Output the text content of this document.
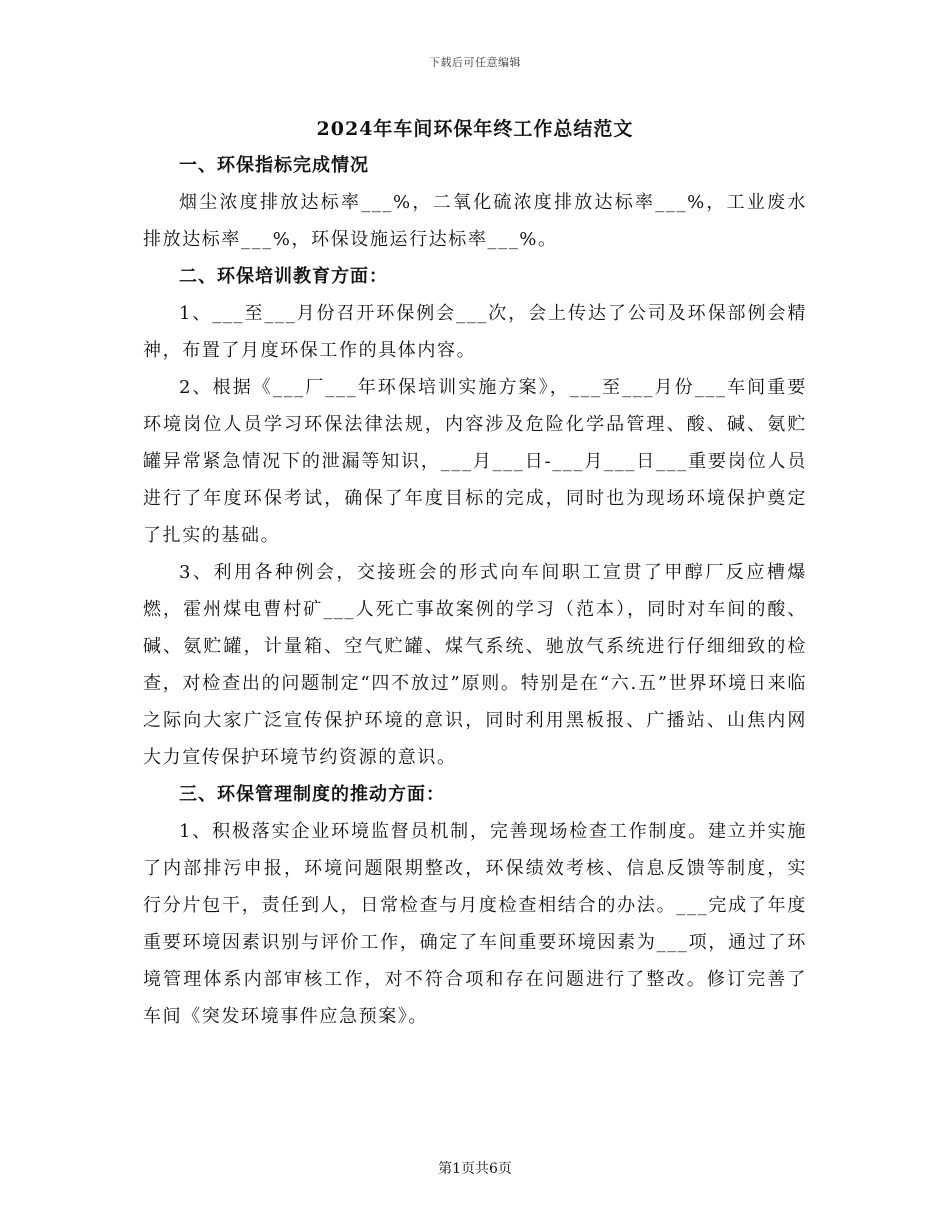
下载后可任意编辑
2024年车间环保年终工作总结范文

一、环保指标完成情况

烟尘浓度排放达标率___%，二氧化硫浓度排放达标率___%，工业废水排放达标率___%，环保设施运行达标率___%。

二、环保培训教育方面：

1、___至___月份召开环保例会___次，会上传达了公司及环保部例会精神，布置了月度环保工作的具体内容。

2、根据《___厂___年环保培训实施方案》，___至___月份___车间重要环境岗位人员学习环保法律法规，内容涉及危险化学品管理、酸、碱、氨贮罐异常紧急情况下的泄漏等知识，___月___日-___月___日___重要岗位人员进行了年度环保考试，确保了年度目标的完成，同时也为现场环境保护奠定了扎实的基础。

3、利用各种例会，交接班会的形式向车间职工宣贯了甲醇厂反应槽爆燃，霍州煤电曹村矿___人死亡事故案例的学习（范本），同时对车间的酸、碱、氨贮罐，计量箱、空气贮罐、煤气系统、驰放气系统进行仔细细致的检查，对检查出的问题制定“四不放过”原则。特别是在“六.五”世界环境日来临之际向大家广泛宣传保护环境的意识，同时利用黑板报、广播站、山焦内网大力宣传保护环境节约资源的意识。

三、环保管理制度的推动方面：

1、积极落实企业环境监督员机制，完善现场检查工作制度。建立并实施了内部排污申报，环境问题限期整改，环保绩效考核、信息反馈等制度，实行分片包干，责任到人，日常检查与月度检查相结合的办法。___完成了年度重要环境因素识别与评价工作，确定了车间重要环境因素为___项，通过了环境管理体系内部审核工作，对不符合项和存在问题进行了整改。修订完善了车间《突发环境事件应急预案》。

第1页共6页
